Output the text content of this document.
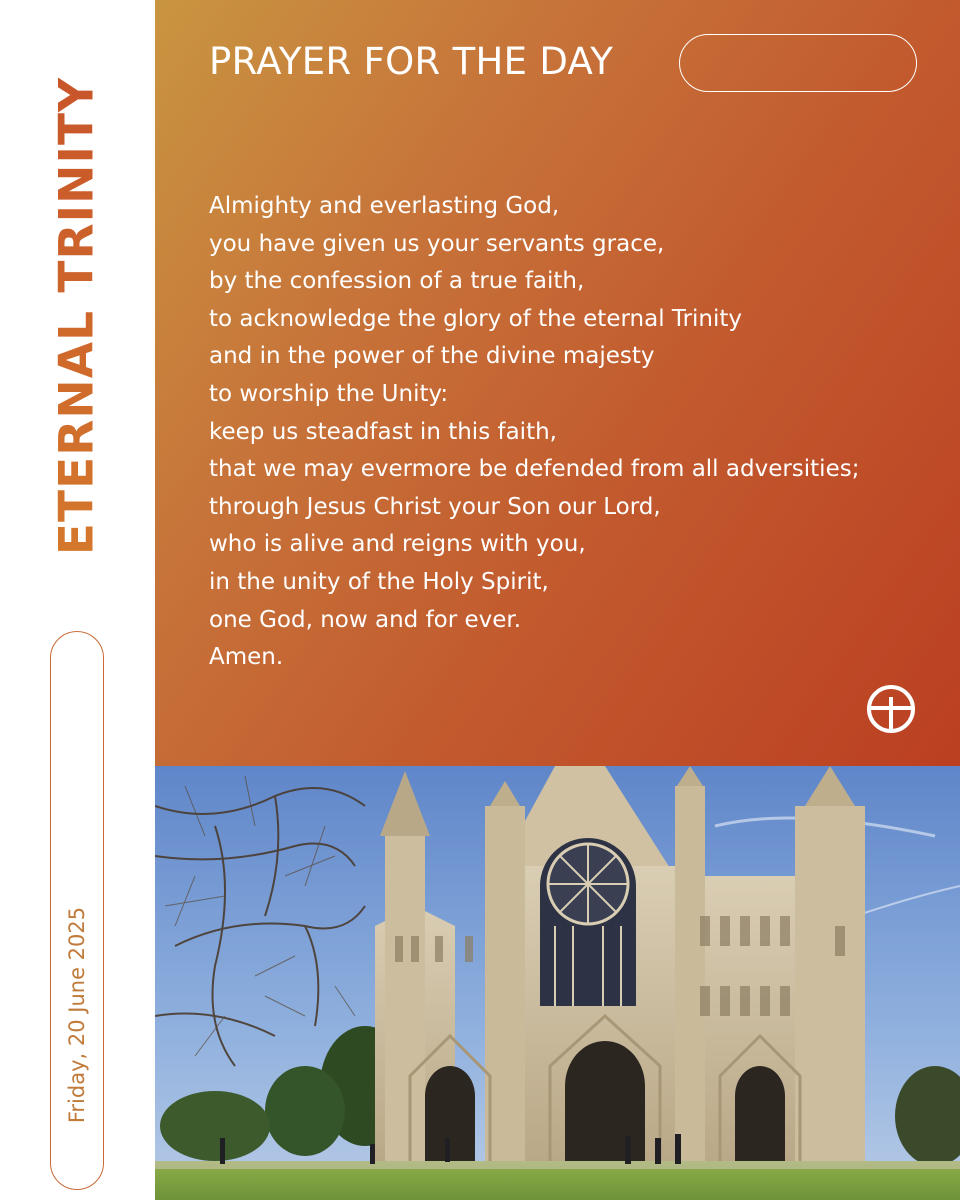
ETERNAL TRINITY
Friday, 20 June 2025
PRAYER FOR THE DAY
Almighty and everlasting God,
you have given us your servants grace,
by the confession of a true faith,
to acknowledge the glory of the eternal Trinity
and in the power of the divine majesty
to worship the Unity:
keep us steadfast in this faith,
that we may evermore be defended from all adversities;
through Jesus Christ your Son our Lord,
who is alive and reigns with you,
in the unity of the Holy Spirit,
one God, now and for ever.
Amen.
